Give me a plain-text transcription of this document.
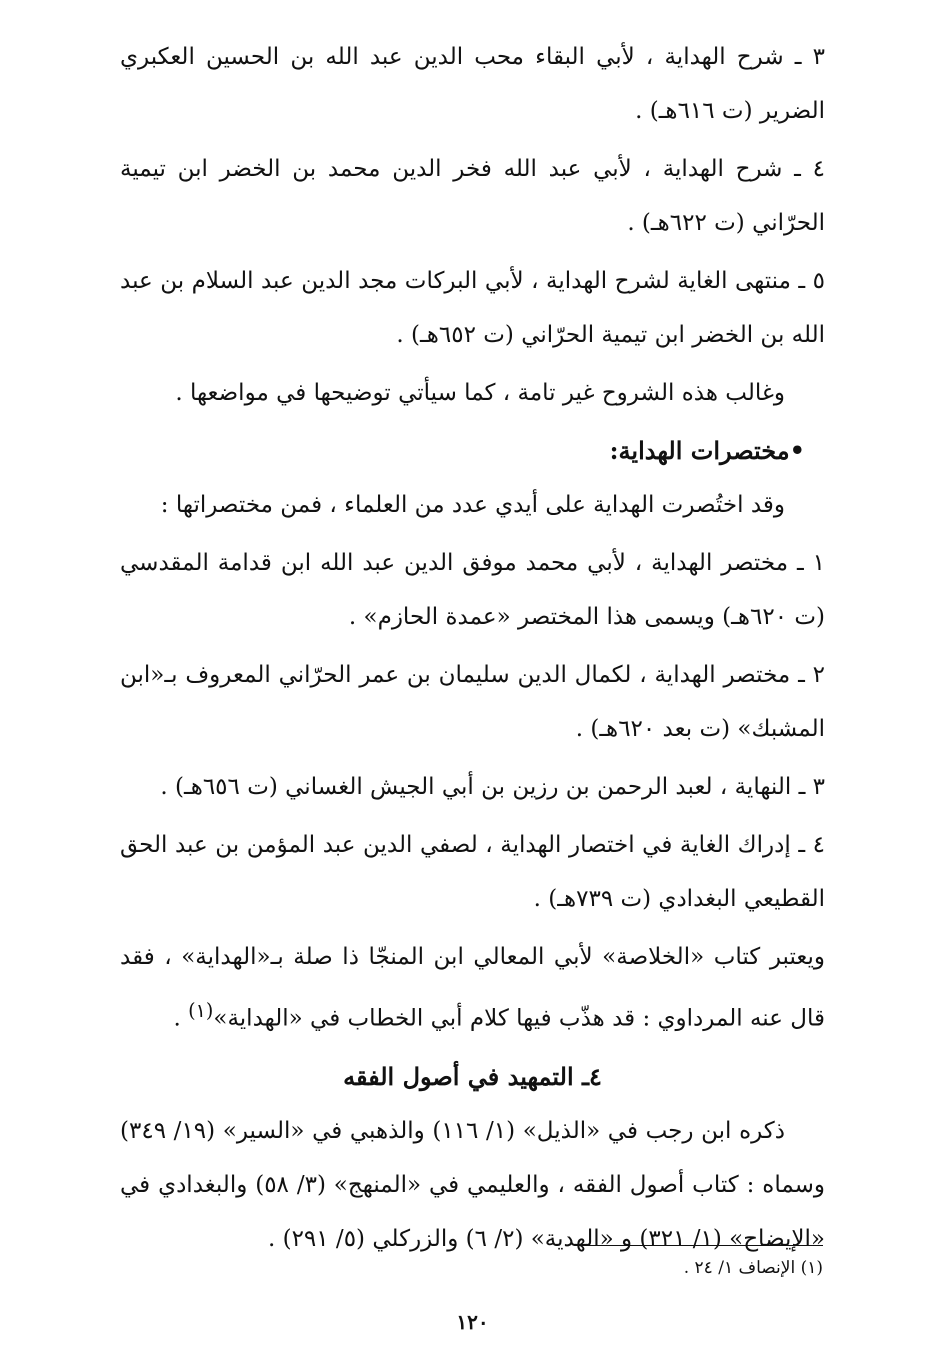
٣ ـ شرح الهداية ، لأبي البقاء محب الدين عبد الله بن الحسين العكبري الضرير (ت ٦١٦هـ) .

٤ ـ شرح الهداية ، لأبي عبد الله فخر الدين محمد بن الخضر ابن تيمية الحرّاني (ت ٦٢٢هـ) .

٥ ـ منتهى الغاية لشرح الهداية ، لأبي البركات مجد الدين عبد السلام بن عبد الله بن الخضر ابن تيمية الحرّاني (ت ٦٥٢هـ) .

وغالب هذه الشروح غير تامة ، كما سيأتي توضيحها في مواضعها .

•مختصرات الهداية:

وقد اختُصرت الهداية على أيدي عدد من العلماء ، فمن مختصراتها :

١ ـ مختصر الهداية ، لأبي محمد موفق الدين عبد الله ابن قدامة المقدسي (ت ٦٢٠هـ) ويسمى هذا المختصر «عمدة الحازم» .

٢ ـ مختصر الهداية ، لكمال الدين سليمان بن عمر الحرّاني المعروف بـ«ابن المشبك» (ت بعد ٦٢٠هـ) .

٣ ـ النهاية ، لعبد الرحمن بن رزين بن أبي الجيش الغساني (ت ٦٥٦هـ) .

٤ ـ إدراك الغاية في اختصار الهداية ، لصفي الدين عبد المؤمن بن عبد الحق القطيعي البغدادي (ت ٧٣٩هـ) .

ويعتبر كتاب «الخلاصة» لأبي المعالي ابن المنجّا ذا صلة بـ«الهداية» ، فقد قال عنه المرداوي : قد هذّب فيها كلام أبي الخطاب في «الهداية»$^{(١)}$ .

٤ـ التمهيد في أصول الفقه

ذكره ابن رجب في «الذيل» (١/ ١١٦) والذهبي في «السير» (١٩/ ٣٤٩) وسماه : كتاب أصول الفقه ، والعليمي في «المنهج» (٣/ ٥٨) والبغدادي في «الإيضاح» (١/ ٣٢١) و «الهدية» (٢/ ٦) والزركلي (٥/ ٢٩١) .

(١) الإنصاف ١/ ٢٤ .
١٢٠
